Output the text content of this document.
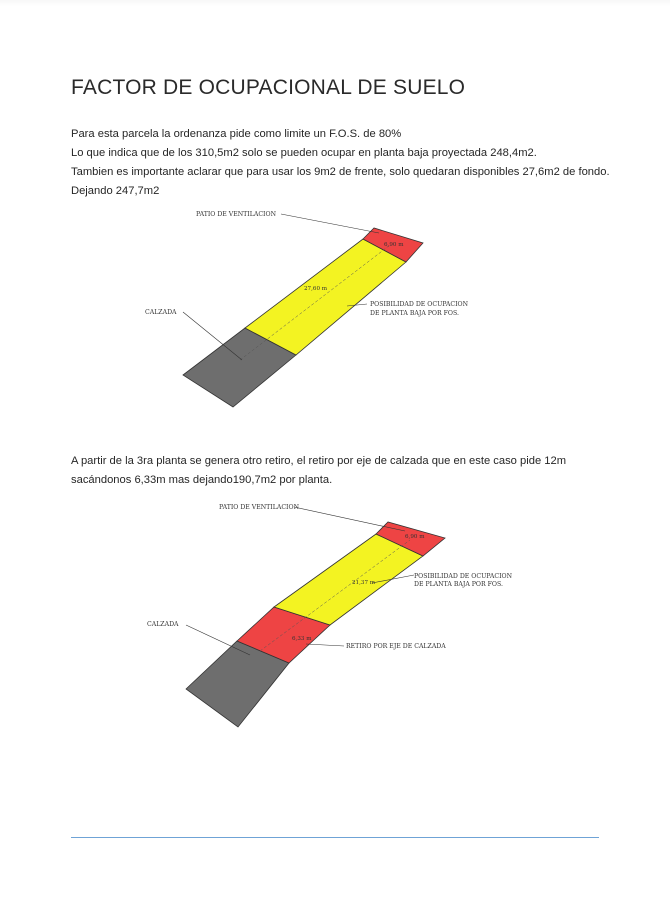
FACTOR DE OCUPACIONAL DE SUELO

Para esta parcela la ordenanza pide como limite un F.O.S. de 80%
Lo que indica que de los 310,5m2 solo se pueden ocupar en planta baja proyectada 248,4m2.
Tambien es importante aclarar que para usar los 9m2 de frente, solo quedaran disponibles 27,6m2 de fondo.
Dejando 247,7m2

PATIO DE VENTILACION
CALZADA
POSIBILIDAD DE OCUPACION
DE PLANTA BAJA POR FOS.
6,90 m
27,60 m

A partir de la 3ra planta se genera otro retiro, el retiro por eje de calzada que en este caso pide 12m
sacándonos 6,33m mas dejando190,7m2 por planta.

PATIO DE VENTILACION
CALZADA
POSIBILIDAD DE OCUPACION
DE PLANTA BAJA POR FOS.
RETIRO POR EJE DE CALZADA
6,90 m
21,37 m
6,33 m
